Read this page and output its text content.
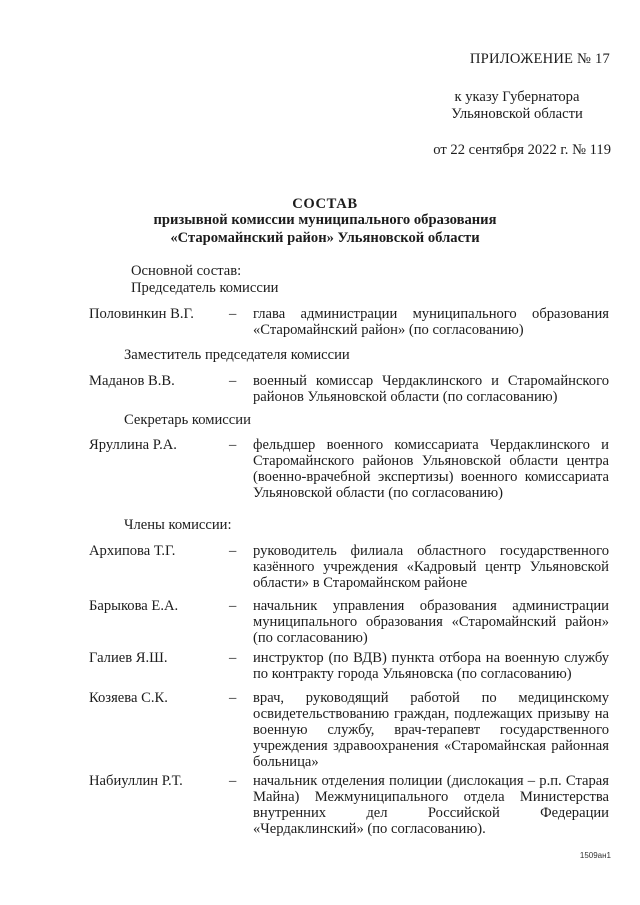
ПРИЛОЖЕНИЕ № 17
к указу Губернатора
Ульяновской области
от 22 сентября 2022 г. № 119
СОСТАВ
призывной комиссии муниципального образования
«Старомайнский район» Ульяновской области
Основной состав:
Председатель комиссии
Половинкин В.Г. – глава администрации муниципального образования «Старомайнский район» (по согласованию)
Заместитель председателя комиссии
Маданов В.В.	– военный комиссар Чердаклинского и Старомайнского районов Ульяновской области (по согласованию)
Секретарь комиссии
Яруллина Р.А.	– фельдшер военного комиссариата Чердаклинского и Старомайнского районов Ульяновской области центра (военно-врачебной экспертизы) военного комиссариата Ульяновской области (по согласованию)
Члены комиссии:
Архипова Т.Г.	– руководитель филиала областного государственного казённого учреждения «Кадровый центр Ульяновской области» в Старомайнском районе
Барыкова Е.А.	– начальник управления образования администрации муниципального образования «Старомайнский район» (по согласованию)
Галиев Я.Ш.	– инструктор (по ВДВ) пункта отбора на военную службу по контракту города Ульяновска (по согласованию)
Козяева С.К.	– врач, руководящий работой по медицинскому освидетельствованию граждан, подлежащих призыву на военную службу, врач-терапевт государственного учреждения здравоохранения «Старомайнская районная больница»
Набиуллин Р.Т.	– начальник отделения полиции (дислокация – р.п. Старая Майна) Межмуниципального отдела Министерства внутренних дел Российской Федерации «Чердаклинский» (по согласованию).
1509ан1
